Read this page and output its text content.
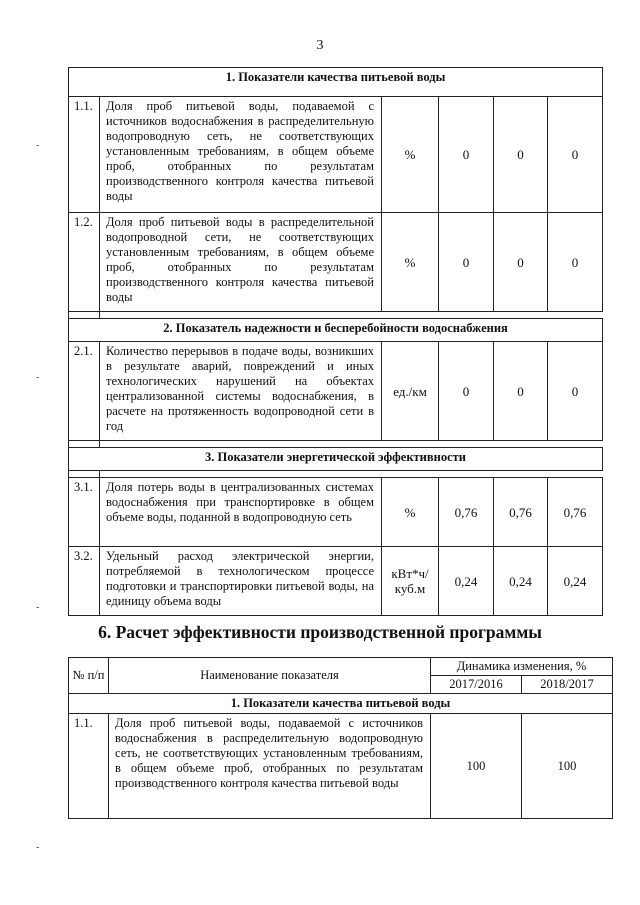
3
1. Показатели качества питьевой воды					
1.1.	Доля проб питьевой воды, подаваемой с источников водоснабжения в распределительную водопроводную сеть, не соответствующих установленным требованиям, в общем объеме проб, отобранных по результатам производственного контроля качества питьевой воды	%	0	0	0
1.2.	Доля проб питьевой воды в распределительной водопроводной сети, не соответствующих установленным требованиям, в общем объеме проб, отобранных по результатам производственного контроля качества питьевой воды	%	0	0	0

2. Показатель надежности и бесперебойности водоснабжения					
2.1.	Количество перерывов в подаче воды, возникших в результате аварий, повреждений и иных технологических нарушений на объектах централизованной системы водоснабжения, в расчете на протяженность водопроводной сети в год	ед./км	0	0	0

3. Показатели энергетической эффективности					

3.1.	Доля потерь воды в централизованных системах водоснабжения при транспортировке в общем объеме воды, поданной в водопроводную сеть	%	0,76	0,76	0,76
3.2.	Удельный расход электрической энергии, потребляемой в технологическом процессе подготовки и транспортировки питьевой воды, на единицу объема воды	кВт*ч/ куб.м	0,24	0,24	0,24
6. Расчет эффективности производственной программы
№ п/п	Наименование показателя	Динамика изменения, %	
		2017/2016	2018/2017
1. Показатели качества питьевой воды			
1.1.	Доля проб питьевой воды, подаваемой с источников водоснабжения в распределительную водопроводную сеть, не соответствующих установленным требованиям, в общем объеме проб, отобранных по результатам производственного контроля качества питьевой воды	100	100
-
-
-
-
